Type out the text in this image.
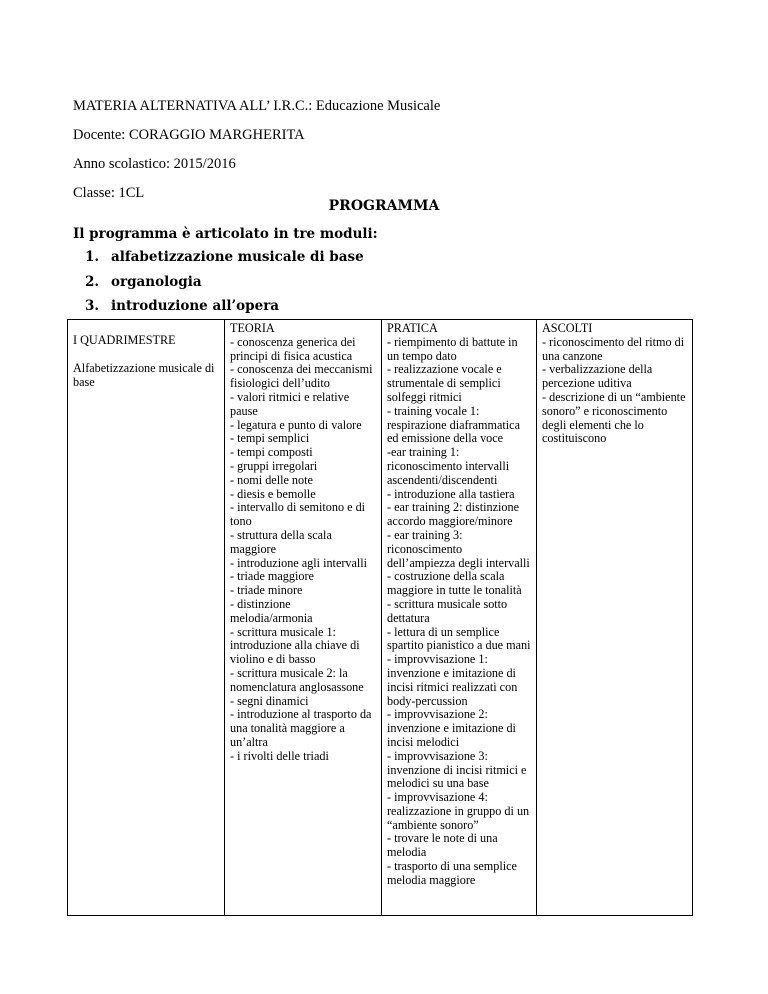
MATERIA ALTERNATIVA ALL’ I.R.C.: Educazione Musicale
Docente: CORAGGIO MARGHERITA
Anno scolastico: 2015/2016
Classe: 1CL
PROGRAMMA
Il programma è articolato in tre moduli:
1. alfabetizzazione musicale di base
2. organologia
3. introduzione all’opera
I QUADRIMESTRE
Alfabetizzazione musicale di base

TEORIA
- conoscenza generica dei principi di fisica acustica
- conoscenza dei meccanismi fisiologici dell’udito
- valori ritmici e relative pause
- legatura e punto di valore
- tempi semplici
- tempi composti
- gruppi irregolari
- nomi delle note
- diesis e bemolle
- intervallo di semitono e di tono
- struttura della scala maggiore
- introduzione agli intervalli
- triade maggiore
- triade minore
- distinzione melodia/armonia
- scrittura musicale 1: introduzione alla chiave di violino e di basso
- scrittura musicale 2: la nomenclatura anglosassone
- segni dinamici
- introduzione al trasporto da una tonalità maggiore a un’altra
- i rivolti delle triadi

PRATICA
- riempimento di battute in un tempo dato
- realizzazione vocale e strumentale di semplici solfeggi ritmici
- training vocale 1: respirazione diaframmatica ed emissione della voce
-ear training 1: riconoscimento intervalli ascendenti/discendenti
- introduzione alla tastiera
- ear training 2: distinzione accordo maggiore/minore
- ear training 3: riconoscimento dell’ampiezza degli intervalli
- costruzione della scala maggiore in tutte le tonalità
- scrittura musicale sotto dettatura
- lettura di un semplice spartito pianistico a due mani
- improvvisazione 1: invenzione e imitazione di incisi ritmici realizzati con body-percussion
- improvvisazione 2: invenzione e imitazione di incisi melodici
- improvvisazione 3: invenzione di incisi ritmici e melodici su una base
- improvvisazione 4: realizzazione in gruppo di un “ambiente sonoro”
- trovare le note di una melodia
- trasporto di una semplice melodia maggiore

ASCOLTI
- riconoscimento del ritmo di una canzone
- verbalizzazione della percezione uditiva
- descrizione di un “ambiente sonoro” e riconoscimento degli elementi che lo costituiscono
